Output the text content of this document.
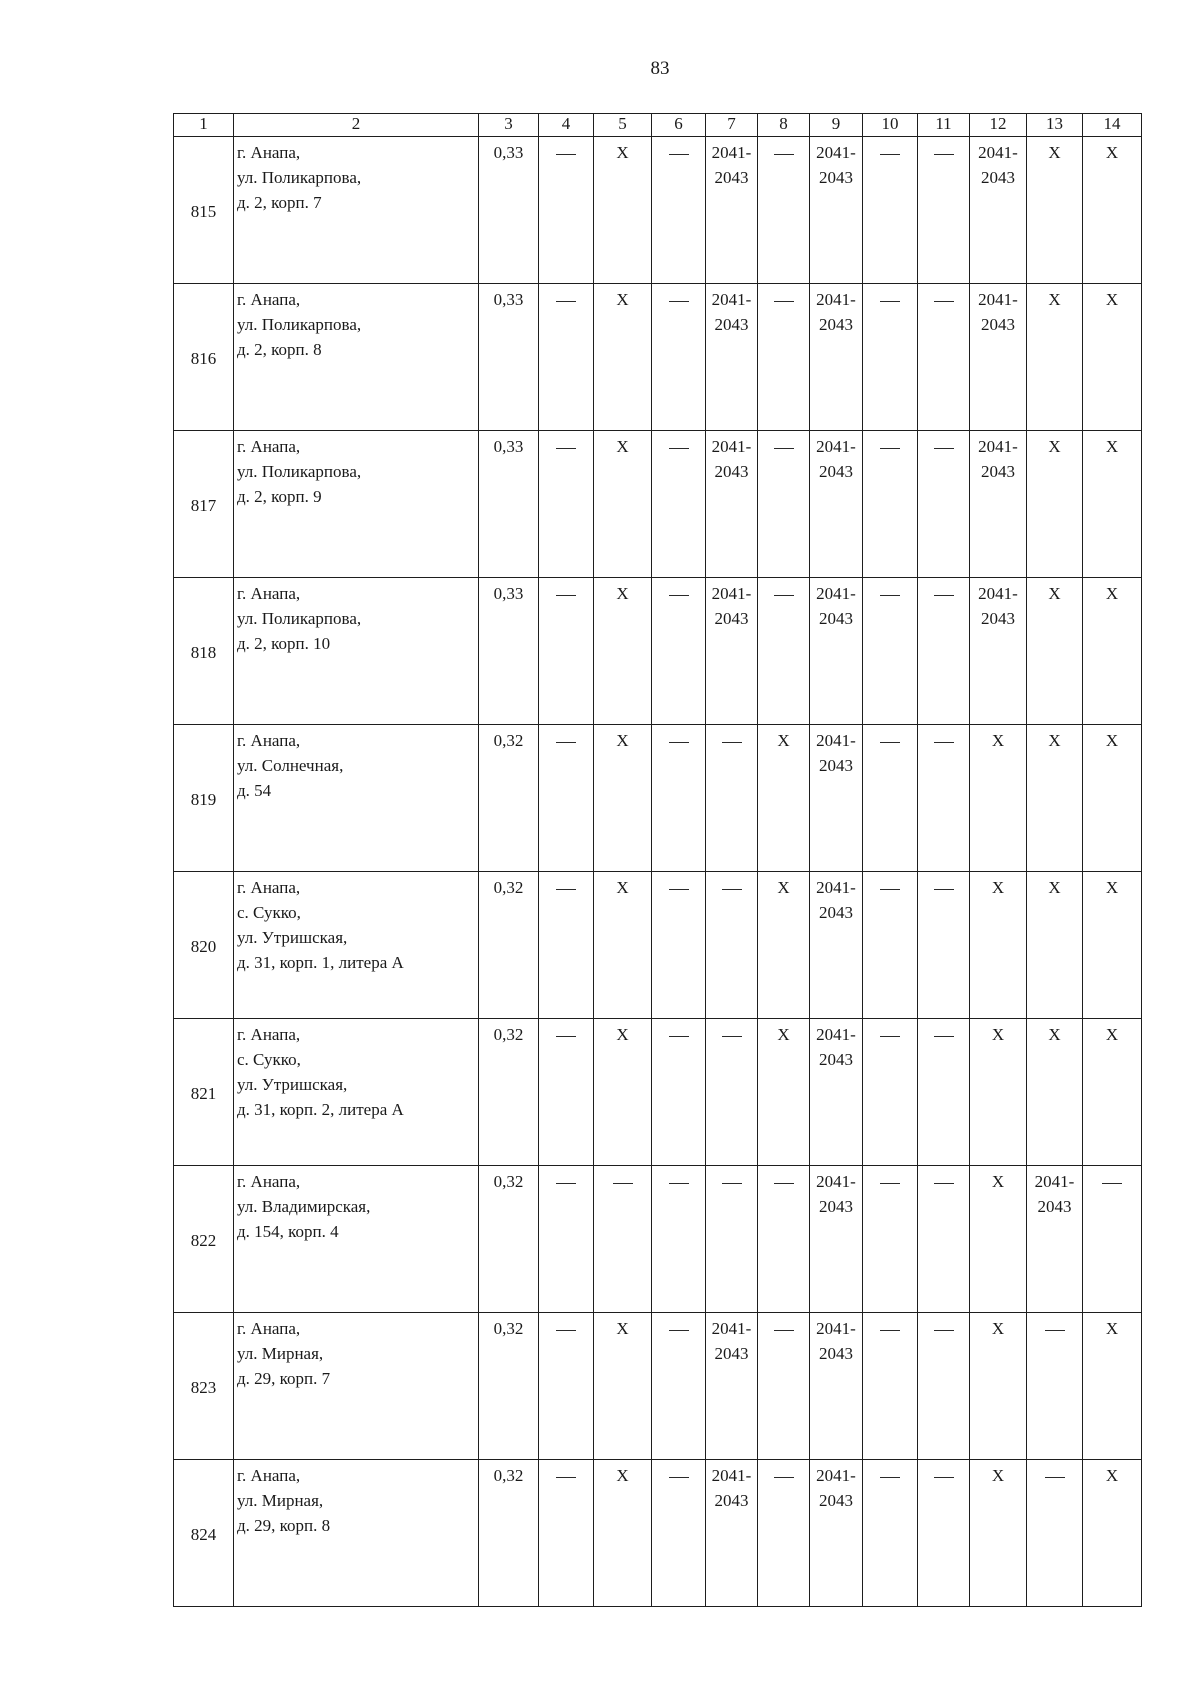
83
1	2	3	4	5	6	7	8	9	10	11	12	13	14
815	г. Анапа,
ул. Поликарпова,
д. 2, корп. 7	0,33		Х		2041-
2043		2041-
2043			2041-
2043	Х	Х

816	г. Анапа,
ул. Поликарпова,
д. 2, корп. 8	0,33		Х		2041-
2043		2041-
2043			2041-
2043	Х	Х

817	г. Анапа,
ул. Поликарпова,
д. 2, корп. 9	0,33		Х		2041-
2043		2041-
2043			2041-
2043	Х	Х

818	г. Анапа,
ул. Поликарпова,
д. 2, корп. 10	0,33		Х		2041-
2043		2041-
2043			2041-
2043	Х	Х

819	г. Анапа,
ул. Солнечная,
д. 54	0,32		Х			Х	2041-
2043			Х	Х	Х

820	г. Анапа,
с. Сукко,
ул. Утришская,
д. 31, корп. 1, литера А	0,32		Х			Х	2041-
2043			Х	Х	Х

821	г. Анапа,
с. Сукко,
ул. Утришская,
д. 31, корп. 2, литера А	0,32		Х			Х	2041-
2043			Х	Х	Х

822	г. Анапа,
ул. Владимирская,
д. 154, корп. 4	0,32						2041-
2043			Х	2041-
2043	

823	г. Анапа,
ул. Мирная,
д. 29, корп. 7	0,32		Х		2041-
2043		2041-
2043			Х		Х

824	г. Анапа,
ул. Мирная,
д. 29, корп. 8	0,32		Х		2041-
2043		2041-
2043			Х		Х
